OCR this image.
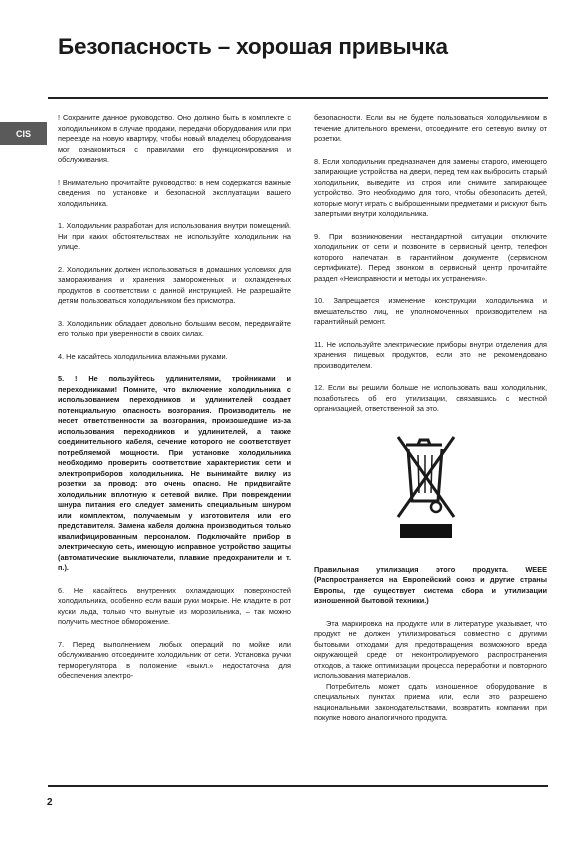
Безопасность – хорошая привычка
CIS

! Сохраните данное руководство. Оно должно быть в комплекте с холодильником в случае продажи, передачи оборудования или при переезде на новую квартиру, чтобы новый владелец оборудования мог ознакомиться с правилами его функционирования и обслуживания.

! Внимательно прочитайте руководство: в нем содержатся важные сведения по установке и безопасной эксплуатации вашего холодильника.

1. Холодильник разработан для использования внутри помещений. Ни при каких обстоятельствах не используйте холодильник на улице.

2. Холодильник должен использоваться в домашних условиях для замораживания и хранения замороженных и охлажденных продуктов в соответствии с данной инструкцией. Не разрешайте детям пользоваться холодильником без присмотра.

3. Холодильник обладает довольно большим весом, передвигайте его только при уверенности в своих силах.

4. Не касайтесь холодильника влажными руками.

5. ! Не пользуйтесь удлинителями, тройниками и переходниками! Помните, что включение холодильника с использованием переходников и удлинителей создает потенциальную опасность возгорания. Производитель не несет ответственности за возгорания, произошедшие из-за использования переходников и удлинителей, а также соединительного кабеля, сечение которого не соответствует потребляемой мощности. При установке холодильника необходимо проверить соответствие характеристик сети и электроприборов холодильника. Не вынимайте вилку из розетки за провод: это очень опасно. Не придвигайте холодильник вплотную к сетевой вилке. При повреждении шнура питания его следует заменить специальным шнуром или комплектом, получаемым у изготовителя или его представителя. Замена кабеля должна производиться только квалифицированным персоналом. Подключайте прибор в электрическую сеть, имеющую исправное устройство защиты (автоматические выключатели, плавкие предохранители и т. п.).

6. Не касайтесь внутренних охлаждающих поверхностей холодильника, особенно если ваши руки мокрые. Не кладите в рот куски льда, только что вынутые из морозильника, – так можно получить местное обморожение.

7. Перед выполнением любых операций по мойке или обслуживанию отсоедините холодильник от сети. Установка ручки терморегулятора в положение «выкл.» недостаточна для обеспечения электро-

безопасности. Если вы не будете пользоваться холодильником в течение длительного времени, отсоедините его сетевую вилку от розетки.

8. Если холодильник предназначен для замены старого, имеющего запирающие устройства на двери, перед тем как выбросить старый холодильник, выведите из строя или снимите запирающее устройство. Это необходимо для того, чтобы обезопасить детей, которые могут играть с выброшенными предметами и рискуют быть запертыми внутри холодильника.

9. При возникновении нестандартной ситуации отключите холодильник от сети и позвоните в сервисный центр, телефон которого напечатан в гарантийном документе (сервисном сертификате). Перед звонком в сервисный центр прочитайте раздел «Неисправности и методы их устранения».

10. Запрещается изменение конструкции холодильника и вмешательство лиц, не уполномоченных производителем на гарантийный ремонт.

11. Не используйте электрические приборы внутри отделения для хранения пищевых продуктов, если это не рекомендовано производителем.

12. Если вы решили больше не использовать ваш холодильник, позаботьтесь об его утилизации, связавшись с местной организацией, ответственной за это.

Правильная утилизация этого продукта. WEEE (Распространяется на Европейский союз и другие страны Европы, где существует система сбора и утилизации изношенной бытовой техники.)

Эта маркировка на продукте или в литературе указывает, что продукт не должен утилизироваться совместно с другими бытовыми отходами для предотвращения возможного вреда окружающей среде от неконтролируемого распространения отходов, а также оптимизации процесса переработки и повторного использования материалов.

Потребитель может сдать изношенное оборудование в специальных пунктах приема или, если это разрешено национальными законодательствами, возвратить компании при покупке нового аналогичного продукта.

2
